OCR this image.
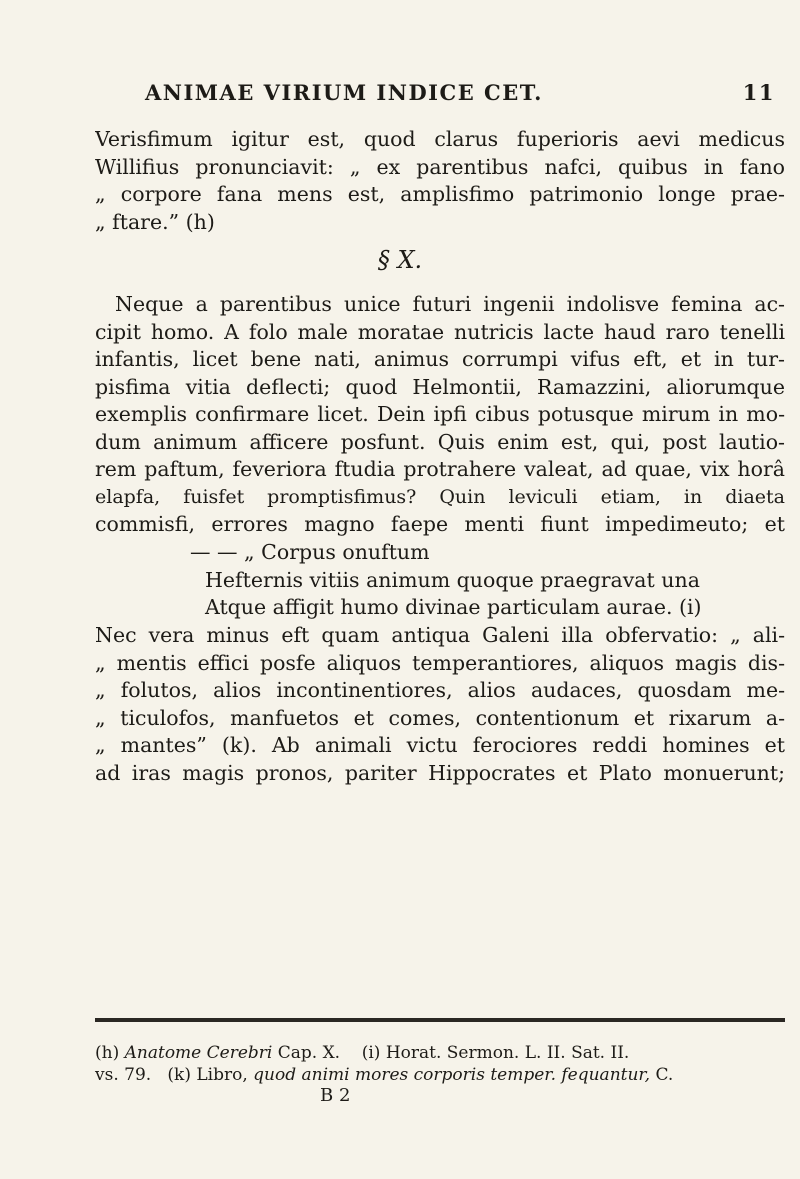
ANIMAE VIRIUM INDICE CET.	11
Verisfimum igitur est, quod clarus fuperioris aevi medicus
Willifius pronunciavit: „ ex parentibus nafci, quibus in fano
„ corpore fana mens est, amplisfimo patrimonio longe prae-
„ ftare.” (h)
§ X.
Neque a parentibus unice futuri ingenii indolisve femina ac-
cipit homo. A folo male moratae nutricis lacte haud raro tenelli
infantis, licet bene nati, animus corrumpi vifus eft, et in tur-
pisfima vitia deflecti; quod Helmontii, Ramazzini, aliorumque
exemplis confirmare licet. Dein ipfi cibus potusque mirum in mo-
dum animum afficere posfunt. Quis enim est, qui, post lautio-
rem paftum, feveriora ftudia protrahere valeat, ad quae, vix horâ
elapfa, fuisfet promptisfimus? Quin leviculi etiam, in diaeta
commisfi, errores magno faepe menti fiunt impedimeuto; et
— — „ Corpus onuftum
Hefternis vitiis animum quoque praegravat una
Atque affigit humo divinae particulam aurae. (i)
Nec vera minus eft quam antiqua Galeni illa obfervatio: „ ali-
„ mentis effici posfe aliquos temperantiores, aliquos magis dis-
„ folutos, alios incontinentiores, alios audaces, quosdam me-
„ ticulofos, manfuetos et comes, contentionum et rixarum a-
„ mantes” (k). Ab animali victu ferociores reddi homines et
ad iras magis pronos, pariter Hippocrates et Plato monuerunt;
(h) Anatome Cerebri Cap. X. (i) Horat. Sermon. L. II. Sat. II.
vs. 79. (k) Libro, quod animi mores corporis temper. fequantur, C.
B 2
